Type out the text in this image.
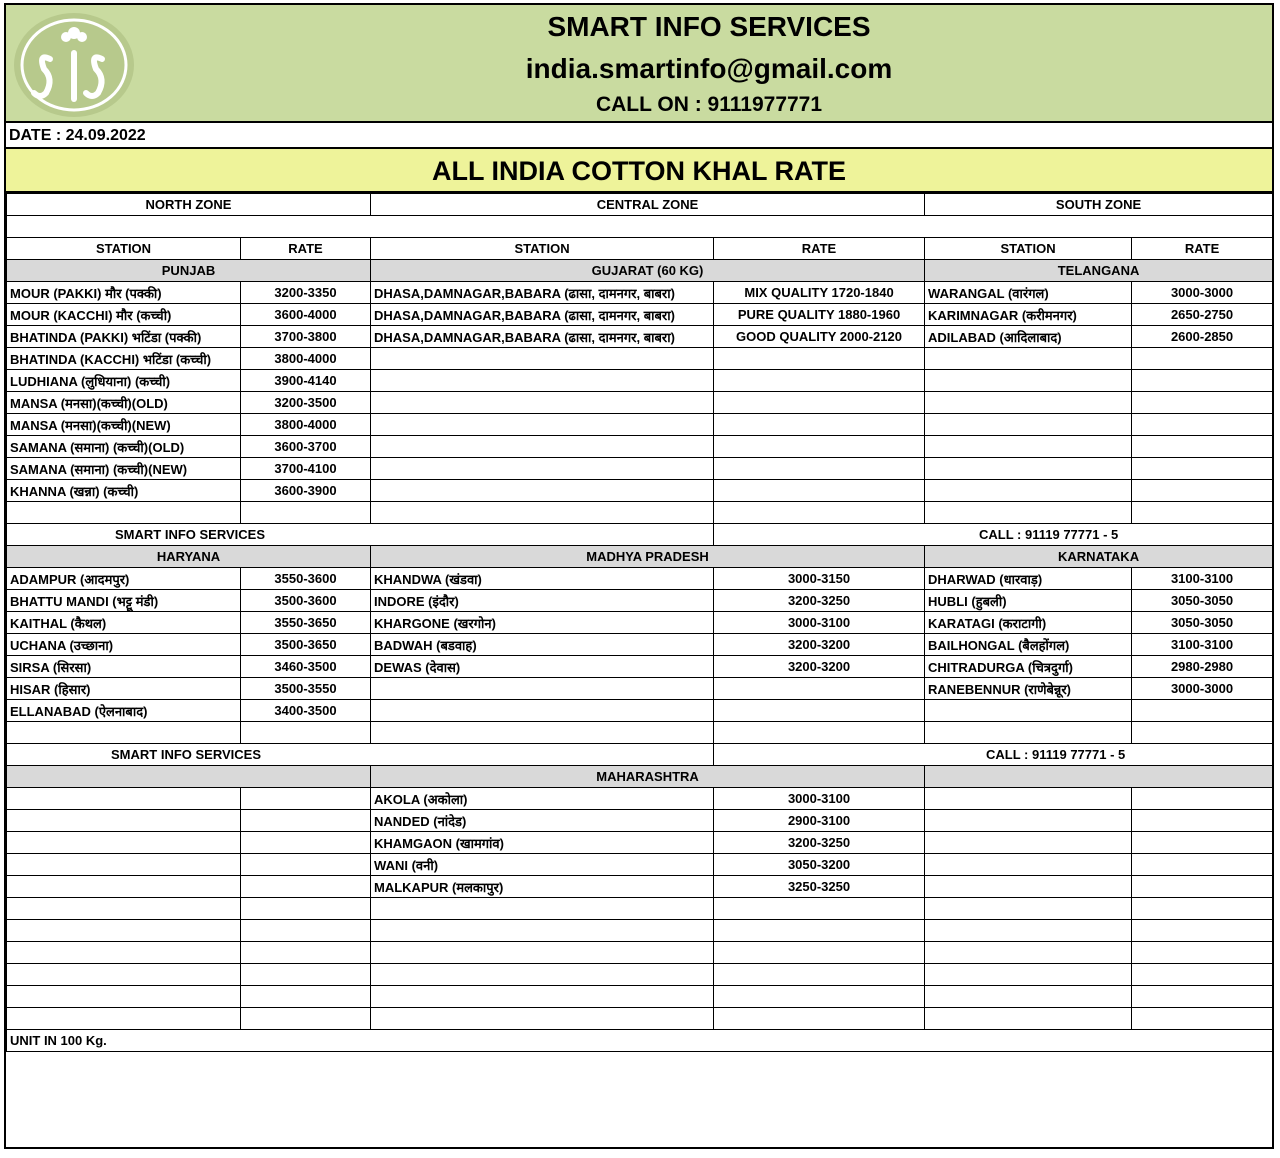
SMART INFO SERVICES
india.smartinfo@gmail.com
CALL ON : 9111977771
DATE : 24.09.2022
ALL INDIA COTTON KHAL RATE
NORTH ZONE		CENTRAL ZONE		SOUTH ZONE	

STATION	RATE	STATION	RATE	STATION	RATE
PUNJAB		GUJARAT (60 KG)		TELANGANA	
MOUR (PAKKI) मौर (पक्की)	3200-3350	DHASA,DAMNAGAR,BABARA (ढासा, दामनगर, बाबरा)	MIX QUALITY 1720-1840	WARANGAL (वारंगल)	3000-3000
MOUR (KACCHI) मौर (कच्ची)	3600-4000	DHASA,DAMNAGAR,BABARA (ढासा, दामनगर, बाबरा)	PURE QUALITY 1880-1960	KARIMNAGAR (करीमनगर)	2650-2750
BHATINDA (PAKKI) भटिंडा (पक्की)	3700-3800	DHASA,DAMNAGAR,BABARA (ढासा, दामनगर, बाबरा)	GOOD QUALITY 2000-2120	ADILABAD (आदिलाबाद)	2600-2850
BHATINDA (KACCHI) भटिंडा (कच्ची)	3800-4000				
LUDHIANA (लुधियाना) (कच्ची)	3900-4140				
MANSA (मनसा)(कच्ची)(OLD)	3200-3500				
MANSA (मनसा)(कच्ची)(NEW)	3800-4000				
SAMANA (समाना) (कच्ची)(OLD)	3600-3700				
SAMANA (समाना) (कच्ची)(NEW)	3700-4100				
KHANNA (खन्ना) (कच्ची)	3600-3900				

SMART INFO SERVICES			CALL : 91119 77771 - 5		
HARYANA		MADHYA PRADESH		KARNATAKA	
ADAMPUR (आदमपुर)	3550-3600	KHANDWA (खंडवा)	3000-3150	DHARWAD (धारवाड़)	3100-3100
BHATTU MANDI (भट्टू मंडी)	3500-3600	INDORE (इंदौर)	3200-3250	HUBLI (हुबली)	3050-3050
KAITHAL (कैथल)	3550-3650	KHARGONE (खरगोन)	3000-3100	KARATAGI (कराटागी)	3050-3050
UCHANA (उच्छाना)	3500-3650	BADWAH (बडवाह)	3200-3200	BAILHONGAL (बैलहोंगल)	3100-3100
SIRSA (सिरसा)	3460-3500	DEWAS (देवास)	3200-3200	CHITRADURGA (चित्रदुर्गा)	2980-2980
HISAR (हिसार)	3500-3550			RANEBENNUR (राणेबेन्नूर)	3000-3000
ELLANABAD (ऐलनाबाद)	3400-3500				

SMART INFO SERVICES			CALL : 91119 77771 - 5		
		MAHARASHTRA			
		AKOLA (अकोला)	3000-3100		
		NANDED (नांदेड)	2900-3100		
		KHAMGAON (खामगांव)	3200-3250		
		WANI (वनी)	3050-3200		
		MALKAPUR (मलकापुर)	3250-3250		

UNIT IN 100 Kg.					
